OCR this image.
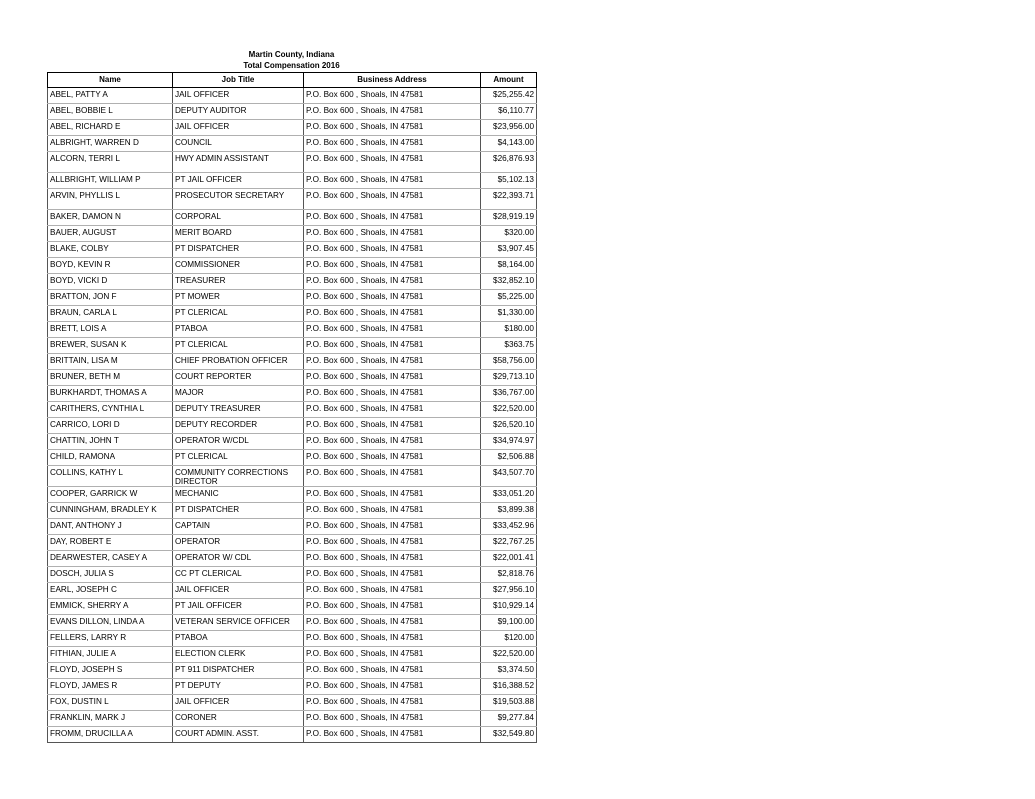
Martin County, Indiana
Total Compensation 2016
Name	Job Title	Business Address	Amount
ABEL, PATTY A	JAIL OFFICER	P.O. Box 600 , Shoals, IN 47581	$25,255.42
ABEL, BOBBIE L	DEPUTY AUDITOR	P.O. Box 600 , Shoals, IN 47581	$6,110.77
ABEL, RICHARD E	JAIL OFFICER	P.O. Box 600 , Shoals, IN 47581	$23,956.00
ALBRIGHT, WARREN D	COUNCIL	P.O. Box 600 , Shoals, IN 47581	$4,143.00
ALCORN, TERRI L	HWY ADMIN ASSISTANT	P.O. Box 600 , Shoals, IN 47581	$26,876.93
ALLBRIGHT, WILLIAM P	PT JAIL OFFICER	P.O. Box 600 , Shoals, IN 47581	$5,102.13
ARVIN, PHYLLIS L	PROSECUTOR SECRETARY	P.O. Box 600 , Shoals, IN 47581	$22,393.71
BAKER, DAMON N	CORPORAL	P.O. Box 600 , Shoals, IN 47581	$28,919.19
BAUER, AUGUST	MERIT BOARD	P.O. Box 600 , Shoals, IN 47581	$320.00
BLAKE, COLBY	PT DISPATCHER	P.O. Box 600 , Shoals, IN 47581	$3,907.45
BOYD, KEVIN R	COMMISSIONER	P.O. Box 600 , Shoals, IN 47581	$8,164.00
BOYD, VICKI D	TREASURER	P.O. Box 600 , Shoals, IN 47581	$32,852.10
BRATTON, JON F	PT MOWER	P.O. Box 600 , Shoals, IN 47581	$5,225.00
BRAUN, CARLA L	PT CLERICAL	P.O. Box 600 , Shoals, IN 47581	$1,330.00
BRETT, LOIS A	PTABOA	P.O. Box 600 , Shoals, IN 47581	$180.00
BREWER, SUSAN K	PT CLERICAL	P.O. Box 600 , Shoals, IN 47581	$363.75
BRITTAIN, LISA M	CHIEF PROBATION OFFICER	P.O. Box 600 , Shoals, IN 47581	$58,756.00
BRUNER, BETH M	COURT REPORTER	P.O. Box 600 , Shoals, IN 47581	$29,713.10
BURKHARDT, THOMAS A	MAJOR	P.O. Box 600 , Shoals, IN 47581	$36,767.00
CARITHERS, CYNTHIA L	DEPUTY TREASURER	P.O. Box 600 , Shoals, IN 47581	$22,520.00
CARRICO, LORI D	DEPUTY RECORDER	P.O. Box 600 , Shoals, IN 47581	$26,520.10
CHATTIN, JOHN T	OPERATOR W/CDL	P.O. Box 600 , Shoals, IN 47581	$34,974.97
CHILD, RAMONA	PT CLERICAL	P.O. Box 600 , Shoals, IN 47581	$2,506.88
COLLINS, KATHY L	COMMUNITY CORRECTIONS DIRECTOR	P.O. Box 600 , Shoals, IN 47581	$43,507.70
COOPER, GARRICK W	MECHANIC	P.O. Box 600 , Shoals, IN 47581	$33,051.20
CUNNINGHAM, BRADLEY K	PT DISPATCHER	P.O. Box 600 , Shoals, IN 47581	$3,899.38
DANT, ANTHONY J	CAPTAIN	P.O. Box 600 , Shoals, IN 47581	$33,452.96
DAY, ROBERT E	OPERATOR	P.O. Box 600 , Shoals, IN 47581	$22,767.25
DEARWESTER, CASEY A	OPERATOR W/ CDL	P.O. Box 600 , Shoals, IN 47581	$22,001.41
DOSCH, JULIA S	CC PT CLERICAL	P.O. Box 600 , Shoals, IN 47581	$2,818.76
EARL, JOSEPH C	JAIL OFFICER	P.O. Box 600 , Shoals, IN 47581	$27,956.10
EMMICK, SHERRY A	PT JAIL OFFICER	P.O. Box 600 , Shoals, IN 47581	$10,929.14
EVANS DILLON, LINDA A	VETERAN SERVICE OFFICER	P.O. Box 600 , Shoals, IN 47581	$9,100.00
FELLERS, LARRY R	PTABOA	P.O. Box 600 , Shoals, IN 47581	$120.00
FITHIAN, JULIE A	ELECTION CLERK	P.O. Box 600 , Shoals, IN 47581	$22,520.00
FLOYD, JOSEPH S	PT 911 DISPATCHER	P.O. Box 600 , Shoals, IN 47581	$3,374.50
FLOYD, JAMES R	PT DEPUTY	P.O. Box 600 , Shoals, IN 47581	$16,388.52
FOX, DUSTIN L	JAIL OFFICER	P.O. Box 600 , Shoals, IN 47581	$19,503.88
FRANKLIN, MARK J	CORONER	P.O. Box 600 , Shoals, IN 47581	$9,277.84
FROMM, DRUCILLA A	COURT ADMIN. ASST.	P.O. Box 600 , Shoals, IN 47581	$32,549.80
